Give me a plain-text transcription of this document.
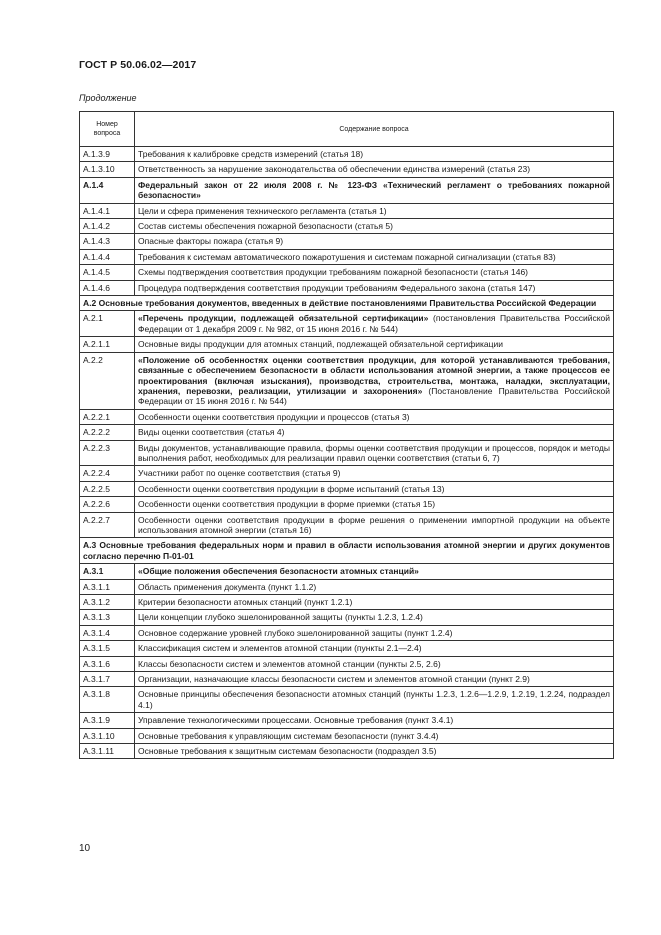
ГОСТ Р 50.06.02—2017
Продолжение
Номер вопроса	Содержание вопроса
A.1.3.9	Требования к калибровке средств измерений (статья 18)
A.1.3.10	Ответственность за нарушение законодательства об обеспечении единства измерений (статья 23)
A.1.4	Федеральный закон от 22 июля 2008 г. № 123-ФЗ «Технический регламент о требованиях пожарной безопасности»
A.1.4.1	Цели и сфера применения технического регламента (статья 1)
A.1.4.2	Состав системы обеспечения пожарной безопасности (статья 5)
A.1.4.3	Опасные факторы пожара (статья 9)
A.1.4.4	Требования к системам автоматического пожаротушения и системам пожарной сигнализации (статья 83)
A.1.4.5	Схемы подтверждения соответствия продукции требованиям пожарной безопасности (статья 146)
A.1.4.6	Процедура подтверждения соответствия продукции требованиям Федерального закона (статья 147)
A.2 Основные требования документов, введенных в действие постановлениями Правительства Российской Федерации	
A.2.1	«Перечень продукции, подлежащей обязательной сертификации» (постановления Правительства Российской Федерации от 1 декабря 2009 г. № 982, от 15 июня 2016 г. № 544)
A.2.1.1	Основные виды продукции для атомных станций, подлежащей обязательной сертификации
A.2.2	«Положение об особенностях оценки соответствия продукции, для которой устанавливаются требования, связанные с обеспечением безопасности в области использования атомной энергии, а также процессов ее проектирования (включая изыскания), производства, строительства, монтажа, наладки, эксплуатации, хранения, перевозки, реализации, утилизации и захоронения» (Постановление Правительства Российской Федерации от 15 июня 2016 г. № 544)
A.2.2.1	Особенности оценки соответствия продукции и процессов (статья 3)
A.2.2.2	Виды оценки соответствия (статья 4)
A.2.2.3	Виды документов, устанавливающие правила, формы оценки соответствия продукции и процессов, порядок и методы выполнения работ, необходимых для реализации правил оценки соответствия (статьи 6, 7)
A.2.2.4	Участники работ по оценке соответствия (статья 9)
A.2.2.5	Особенности оценки соответствия продукции в форме испытаний (статья 13)
A.2.2.6	Особенности оценки соответствия продукции в форме приемки (статья 15)
A.2.2.7	Особенности оценки соответствия продукции в форме решения о применении импортной продукции на объекте использования атомной энергии (статья 16)
A.3 Основные требования федеральных норм и правил в области использования атомной энергии и других документов согласно перечню П-01-01	
A.3.1	«Общие положения обеспечения безопасности атомных станций»
A.3.1.1	Область применения документа (пункт 1.1.2)
A.3.1.2	Критерии безопасности атомных станций (пункт 1.2.1)
A.3.1.3	Цели концепции глубоко эшелонированной защиты (пункты 1.2.3, 1.2.4)
A.3.1.4	Основное содержание уровней глубоко эшелонированной защиты (пункт 1.2.4)
A.3.1.5	Классификация систем и элементов атомной станции (пункты 2.1—2.4)
A.3.1.6	Классы безопасности систем и элементов атомной станции (пункты 2.5, 2.6)
A.3.1.7	Организации, назначающие классы безопасности систем и элементов атомной станции (пункт 2.9)
A.3.1.8	Основные принципы обеспечения безопасности атомных станций (пункты 1.2.3, 1.2.6—1.2.9, 1.2.19, 1.2.24, подраздел 4.1)
A.3.1.9	Управление технологическими процессами. Основные требования (пункт 3.4.1)
A.3.1.10	Основные требования к управляющим системам безопасности (пункт 3.4.4)
A.3.1.11	Основные требования к защитным системам безопасности (подраздел 3.5)
10
